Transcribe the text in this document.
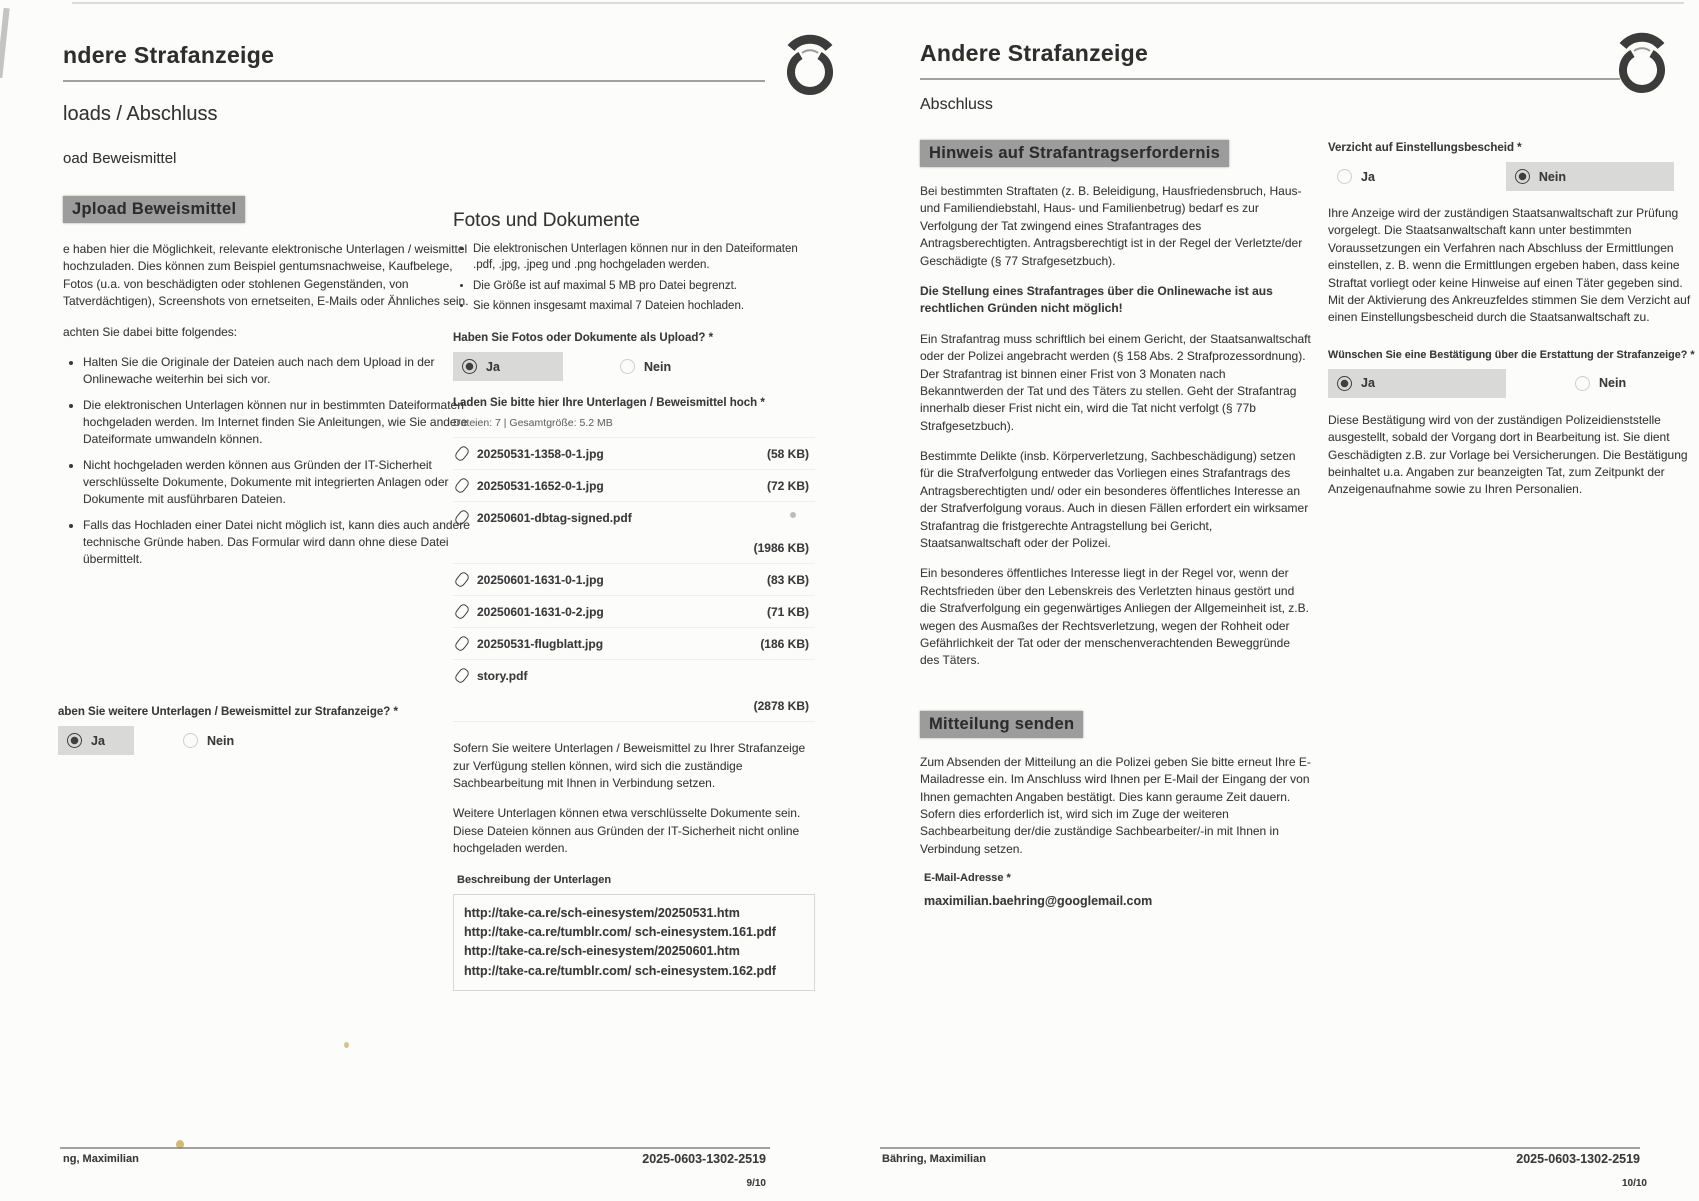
ndere Strafanzeige
loads / Abschluss
oad Beweismittel
Jpload Beweismittel

e haben hier die Möglichkeit, relevante elektronische Unterlagen / weismittel hochzuladen. Dies können zum Beispiel gentumsnachweise, Kaufbelege, Fotos (u.a. von beschädigten oder stohlenen Gegenständen, von Tatverdächtigen), Screenshots von ernetseiten, E-Mails oder Ähnliches sein.

achten Sie dabei bitte folgendes:

• Halten Sie die Originale der Dateien auch nach dem Upload in der Onlinewache weiterhin bei sich vor.
• Die elektronischen Unterlagen können nur in bestimmten Dateiformaten hochgeladen werden. Im Internet finden Sie Anleitungen, wie Sie andere Dateiformate umwandeln können.
• Nicht hochgeladen werden können aus Gründen der IT-Sicherheit verschlüsselte Dokumente, Dokumente mit integrierten Anlagen oder Dokumente mit ausführbaren Dateien.
• Falls das Hochladen einer Datei nicht möglich ist, kann dies auch andere technische Gründe haben. Das Formular wird dann ohne diese Datei übermittelt.
aben Sie weitere Unterlagen / Beweismittel zur Strafanzeige? *
Ja	Nein
Fotos und Dokumente
• Die elektronischen Unterlagen können nur in den Dateiformaten .pdf, .jpg, .jpeg und .png hochgeladen werden.
• Die Größe ist auf maximal 5 MB pro Datei begrenzt.
• Sie können insgesamt maximal 7 Dateien hochladen.
Haben Sie Fotos oder Dokumente als Upload? *
Ja	Nein
Laden Sie bitte hier Ihre Unterlagen / Beweismittel hoch *
Dateien: 7 | Gesamtgröße: 5.2 MB
20250531-1358-0-1.jpg	(58 KB)
20250531-1652-0-1.jpg	(72 KB)
20250601-dbtag-signed.pdf
(1986 KB)
20250601-1631-0-1.jpg	(83 KB)
20250601-1631-0-2.jpg	(71 KB)
20250531-flugblatt.jpg	(186 KB)
story.pdf
(2878 KB)

Sofern Sie weitere Unterlagen / Beweismittel zu Ihrer Strafanzeige zur Verfügung stellen können, wird sich die zuständige Sachbearbeitung mit Ihnen in Verbindung setzen.

Weitere Unterlagen können etwa verschlüsselte Dokumente sein. Diese Dateien können aus Gründen der IT-Sicherheit nicht online hochgeladen werden.

Beschreibung der Unterlagen
http://take-ca.re/sch-einesystem/20250531.htm
http://take-ca.re/tumblr.com/ sch-einesystem.161.pdf
http://take-ca.re/sch-einesystem/20250601.htm
http://take-ca.re/tumblr.com/ sch-einesystem.162.pdf
ng, Maximilian	2025-0603-1302-2519
9/10
Andere Strafanzeige
Abschluss
Hinweis auf Strafantragserfordernis

Bei bestimmten Straftaten (z. B. Beleidigung, Hausfriedensbruch, Haus- und Familiendiebstahl, Haus- und Familienbetrug) bedarf es zur Verfolgung der Tat zwingend eines Strafantrages des Antragsberechtigten. Antragsberechtigt ist in der Regel der Verletzte/der Geschädigte (§ 77 Strafgesetzbuch).

Die Stellung eines Strafantrages über die Onlinewache ist aus rechtlichen Gründen nicht möglich!

Ein Strafantrag muss schriftlich bei einem Gericht, der Staatsanwaltschaft oder der Polizei angebracht werden (§ 158 Abs. 2 Strafprozessordnung). Der Strafantrag ist binnen einer Frist von 3 Monaten nach Bekanntwerden der Tat und des Täters zu stellen. Geht der Strafantrag innerhalb dieser Frist nicht ein, wird die Tat nicht verfolgt (§ 77b Strafgesetzbuch).

Bestimmte Delikte (insb. Körperverletzung, Sachbeschädigung) setzen für die Strafverfolgung entweder das Vorliegen eines Strafantrags des Antragsberechtigten und/ oder ein besonderes öffentliches Interesse an der Strafverfolgung voraus. Auch in diesen Fällen erfordert ein wirksamer Strafantrag die fristgerechte Antragstellung bei Gericht, Staatsanwaltschaft oder der Polizei.

Ein besonderes öffentliches Interesse liegt in der Regel vor, wenn der Rechtsfrieden über den Lebenskreis des Verletzten hinaus gestört und die Strafverfolgung ein gegenwärtiges Anliegen der Allgemeinheit ist, z.B. wegen des Ausmaßes der Rechtsverletzung, wegen der Rohheit oder Gefährlichkeit der Tat oder der menschenverachtenden Beweggründe des Täters.

Mitteilung senden

Zum Absenden der Mitteilung an die Polizei geben Sie bitte erneut Ihre E-Mailadresse ein. Im Anschluss wird Ihnen per E-Mail der Eingang der von Ihnen gemachten Angaben bestätigt. Dies kann geraume Zeit dauern. Sofern dies erforderlich ist, wird sich im Zuge der weiteren Sachbearbeitung der/die zuständige Sachbearbeiter/-in mit Ihnen in Verbindung setzen.

E-Mail-Adresse *
maximilian.baehring@googlemail.com
Verzicht auf Einstellungsbescheid *
Ja	Nein

Ihre Anzeige wird der zuständigen Staatsanwaltschaft zur Prüfung vorgelegt. Die Staatsanwaltschaft kann unter bestimmten Voraussetzungen ein Verfahren nach Abschluss der Ermittlungen einstellen, z. B. wenn die Ermittlungen ergeben haben, dass keine Straftat vorliegt oder keine Hinweise auf einen Täter gegeben sind. Mit der Aktivierung des Ankreuzfeldes stimmen Sie dem Verzicht auf einen Einstellungsbescheid durch die Staatsanwaltschaft zu.

Wünschen Sie eine Bestätigung über die Erstattung der Strafanzeige? *
Ja	Nein

Diese Bestätigung wird von der zuständigen Polizeidienststelle ausgestellt, sobald der Vorgang dort in Bearbeitung ist. Sie dient Geschädigten z.B. zur Vorlage bei Versicherungen. Die Bestätigung beinhaltet u.a. Angaben zur beanzeigten Tat, zum Zeitpunkt der Anzeigenaufnahme sowie zu Ihren Personalien.

Bähring, Maximilian	2025-0603-1302-2519
10/10
